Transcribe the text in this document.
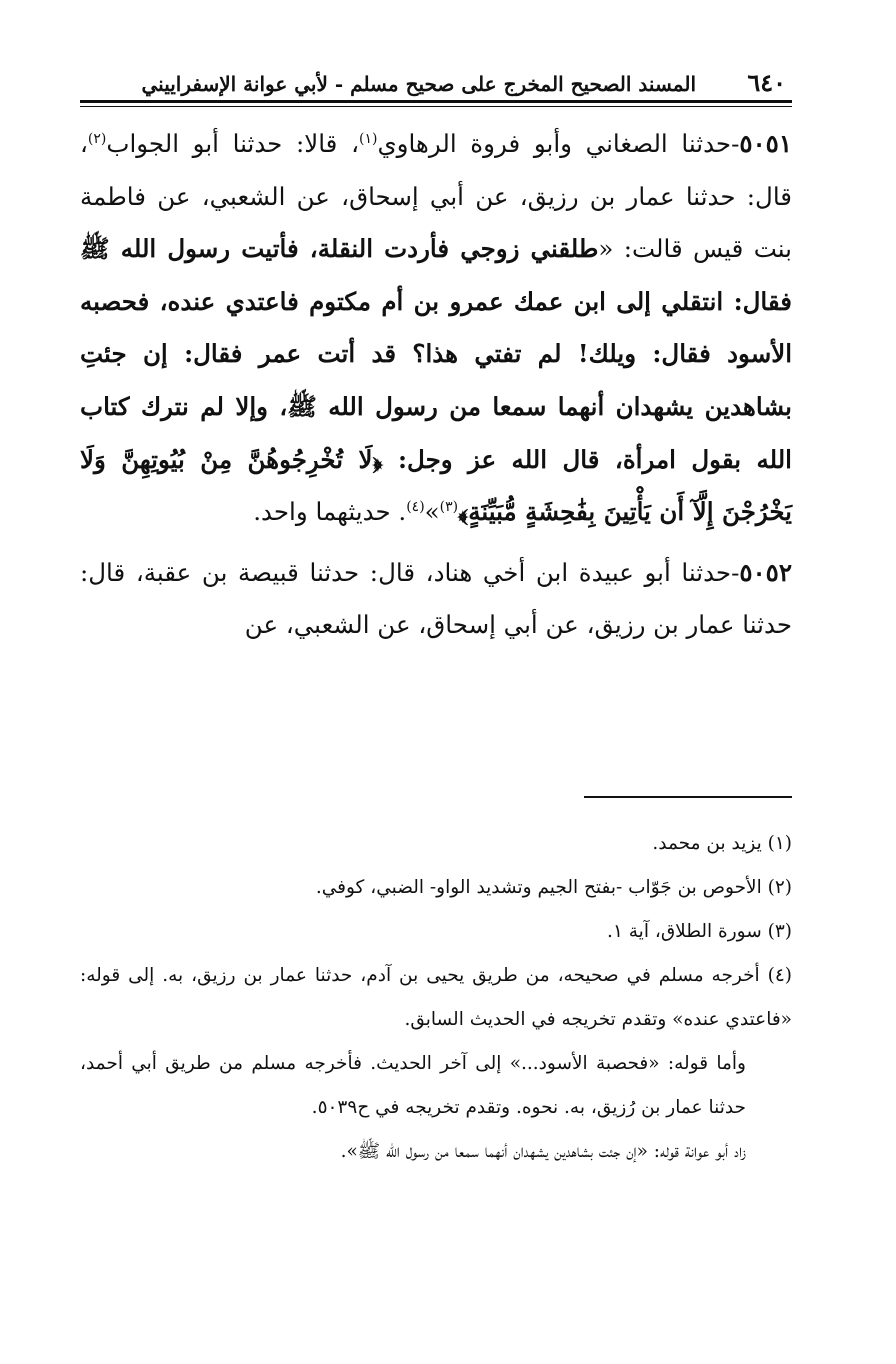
٦٤٠
المسند الصحيح المخرج على صحيح مسلم - لأبي عوانة الإسفراييني

٥٠٥١-حدثنا الصغاني وأبو فروة الرهاوي$^{(١)}$، قالا: حدثنا أبو الجواب$^{(٢)}$، قال: حدثنا عمار بن رزيق، عن أبي إسحاق، عن الشعبي، عن فاطمة بنت قيس قالت: «طلقني زوجي فأردت النقلة، فأتيت رسول الله ﷺ فقال: انتقلي إلى ابن عمك عمرو بن أم مكتوم فاعتدي عنده، فحصبه الأسود فقال: ويلك! لم تفتي هذا؟ قد أتت عمر فقال: إن جئتِ بشاهدين يشهدان أنهما سمعا من رسول الله ﷺ، وإلا لم نترك كتاب الله بقول امرأة، قال الله عز وجل: ﴿لَا تُخْرِجُوهُنَّ مِنْ بُيُوتِهِنَّ وَلَا يَخْرُجْنَ إِلَّآ أَن يَأْتِينَ بِفَٰحِشَةٍ مُّبَيِّنَةٍ﴾$^{(٣)}$»$^{(٤)}$. حديثهما واحد.

٥٠٥٢-حدثنا أبو عبيدة ابن أخي هناد، قال: حدثنا قبيصة بن عقبة، قال: حدثنا عمار بن رزيق، عن أبي إسحاق، عن الشعبي، عن

(١) يزيد بن محمد.

(٢) الأحوص بن جَوّاب -بفتح الجيم وتشديد الواو- الضبي، كوفي.

(٣) سورة الطلاق، آية ١.

(٤) أخرجه مسلم في صحيحه، من طريق يحيى بن آدم، حدثنا عمار بن رزيق، به. إلى قوله: «فاعتدي عنده» وتقدم تخريجه في الحديث السابق.

وأما قوله: «فحصبة الأسود...» إلى آخر الحديث. فأخرجه مسلم من طريق أبي أحمد، حدثنا عمار بن رُزيق، به. نحوه. وتقدم تخريجه في ح٥٠٣٩.

زاد أبو عوانة قوله: «إن جئت بشاهدين يشهدان أنهما سمعا من رسول الله ﷺ».
